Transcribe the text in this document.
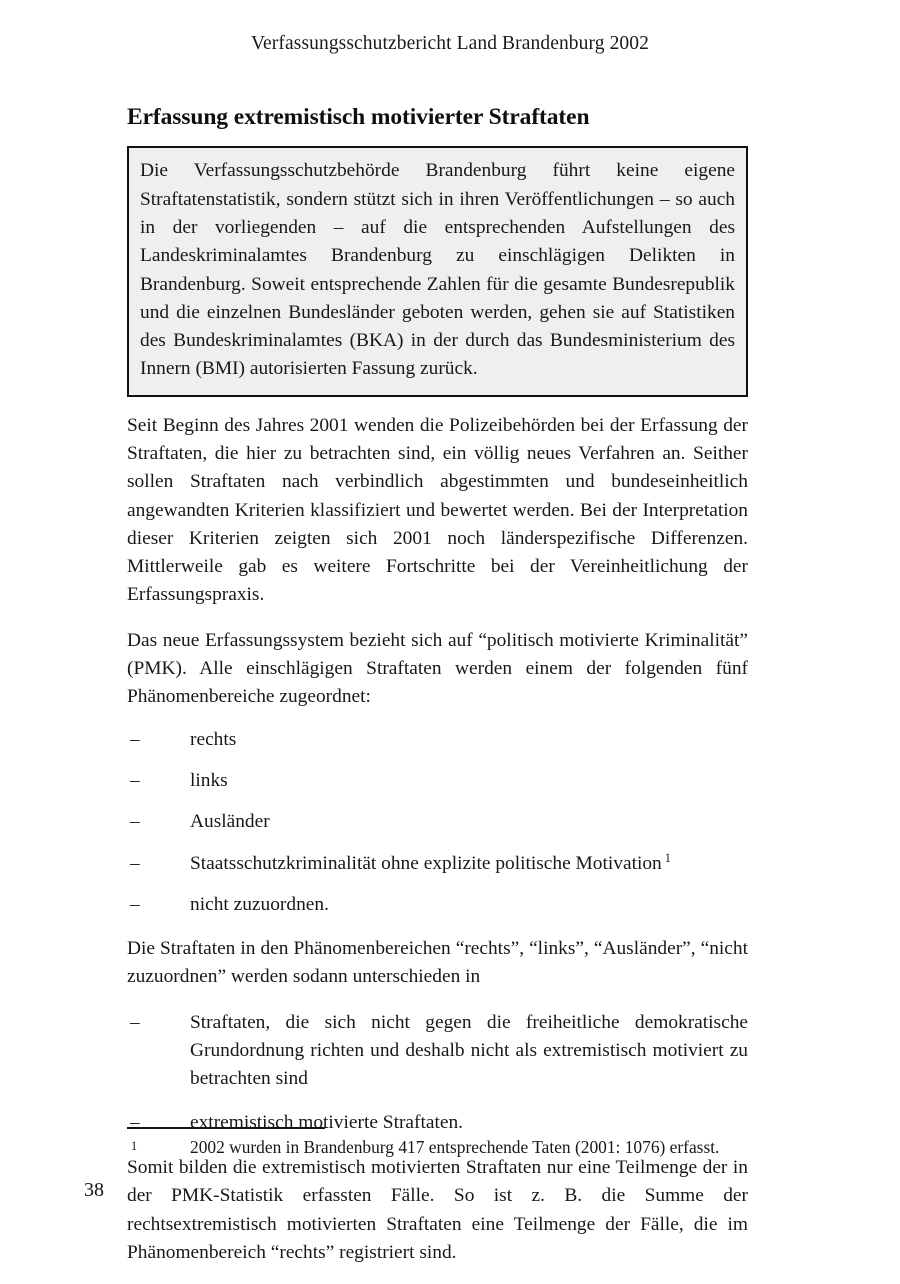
Verfassungsschutzbericht Land Brandenburg 2002
Erfassung extremistisch motivierter Straftaten

Die Verfassungsschutzbehörde Brandenburg führt keine eigene Straftatenstatistik, sondern stützt sich in ihren Veröffentlichungen – so auch in der vorliegenden – auf die entsprechenden Aufstellungen des Landeskriminalamtes Brandenburg zu einschlägigen Delikten in Brandenburg. Soweit entsprechende Zahlen für die gesamte Bundesrepublik und die einzelnen Bundesländer geboten werden, gehen sie auf Statistiken des Bundeskriminalamtes (BKA) in der durch das Bundesministerium des Innern (BMI) autorisierten Fassung zurück.

Seit Beginn des Jahres 2001 wenden die Polizeibehörden bei der Erfassung der Straftaten, die hier zu betrachten sind, ein völlig neues Verfahren an. Seither sollen Straftaten nach verbindlich abgestimmten und bundeseinheitlich angewandten Kriterien klassifiziert und bewertet werden. Bei der Interpretation dieser Kriterien zeigten sich 2001 noch länderspezifische Differenzen. Mittlerweile gab es weitere Fortschritte bei der Vereinheitlichung der Erfassungspraxis.

Das neue Erfassungssystem bezieht sich auf “politisch motivierte Kriminalität” (PMK). Alle einschlägigen Straftaten werden einem der folgenden fünf Phänomenbereiche zugeordnet:

–	rechts
–	links
–	Ausländer
–	Staatsschutzkriminalität ohne explizite politische Motivation $^1$
–	nicht zuzuordnen.

Die Straftaten in den Phänomenbereichen “rechts”, “links”, “Ausländer”, “nicht zuzuordnen” werden sodann unterschieden in

–	Straftaten, die sich nicht gegen die freiheitliche demokratische Grundordnung richten und deshalb nicht als extremistisch motiviert zu betrachten sind
–	extremistisch motivierte Straftaten.

Somit bilden die extremistisch motivierten Straftaten nur eine Teilmenge der in der PMK-Statistik erfassten Fälle. So ist z. B. die Summe der rechtsextremistisch motivierten Straftaten eine Teilmenge der Fälle, die im Phänomenbereich “rechts” registriert sind.

1	2002 wurden in Brandenburg 417 entsprechende Taten (2001: 1076) erfasst.
38
